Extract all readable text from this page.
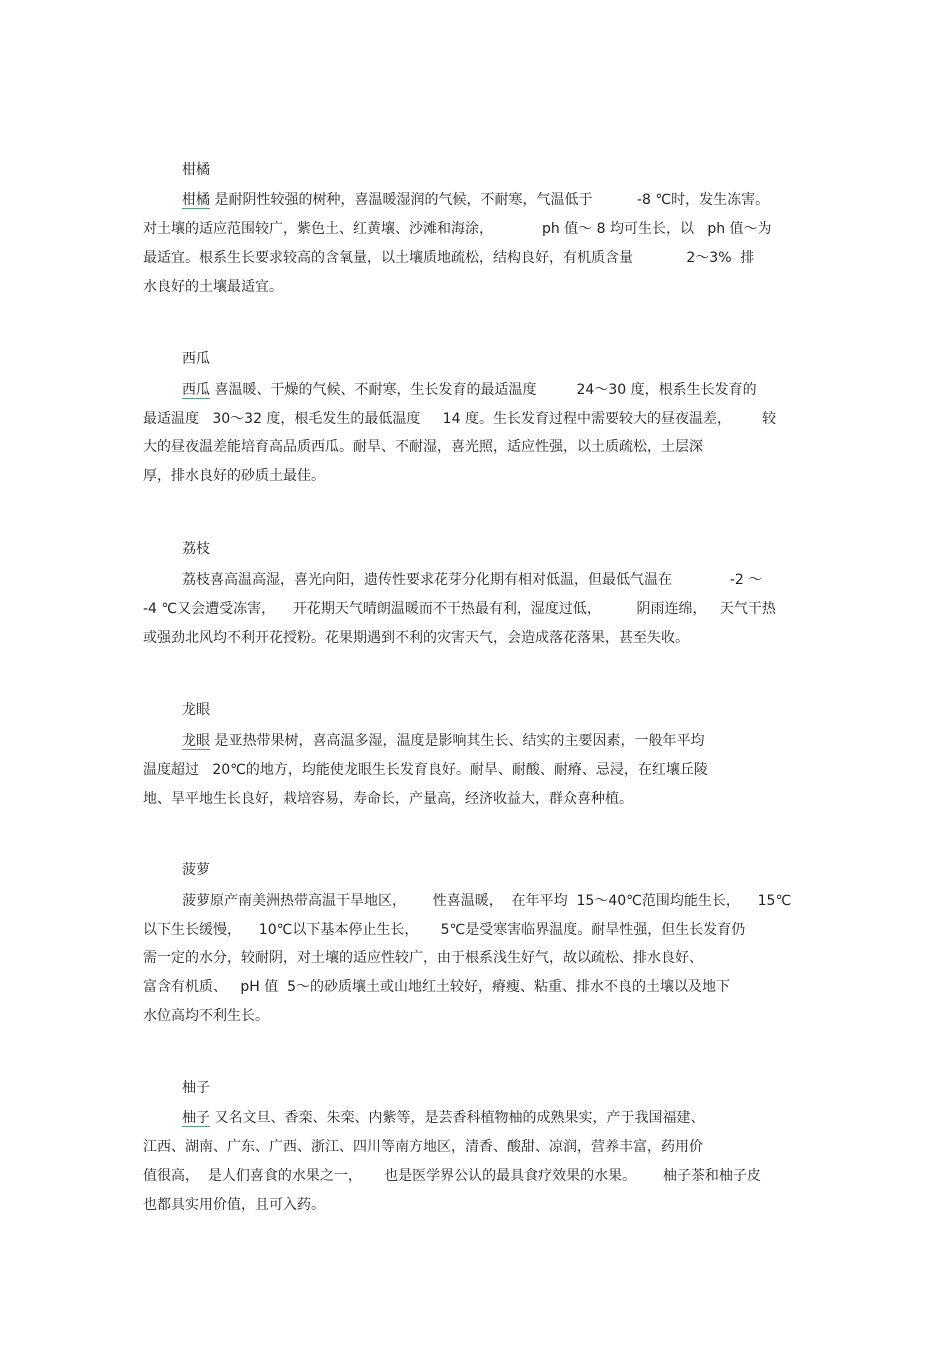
柑橘

柑橘 是耐阴性较强的树种，喜温暖湿润的气候，不耐寒，气温低于          -8 ℃时，发生冻害。

对土壤的适应范围较广，紫色土、红黄壤、沙滩和海涂，           ph 值～ 8 均可生长，以   ph 值～为

最适宜。根系生长要求较高的含氧量，以土壤质地疏松，结构良好，有机质含量            2～3%  排

水良好的土壤最适宜。

西瓜

西瓜 喜温暖、干燥的气候、不耐寒，生长发育的最适温度         24～30 度，根系生长发育的

最适温度   30～32 度，根毛发生的最低温度     14 度。生长发育过程中需要较大的昼夜温差，       较

大的昼夜温差能培育高品质西瓜。耐旱、不耐湿，喜光照，适应性强，以土质疏松，土层深

厚，排水良好的砂质土最佳。

荔枝

荔枝喜高温高湿，喜光向阳，遗传性要求花芽分化期有相对低温，但最低气温在             -2 ～

-4 ℃又会遭受冻害，    开花期天气晴朗温暖而不干热最有利，湿度过低，        阴雨连绵，   天气干热

或强劲北风均不利开花授粉。花果期遇到不利的灾害天气，会造成落花落果，甚至失收。

龙眼

龙眼 是亚热带果树，喜高温多湿，温度是影响其生长、结实的主要因素，一般年平均

温度超过   20℃的地方，均能使龙眼生长发育良好。耐旱、耐酸、耐瘠、忌浸，在红壤丘陵

地、旱平地生长良好，栽培容易，寿命长，产量高，经济收益大，群众喜种植。

菠萝

菠萝原产南美洲热带高温干旱地区，      性喜温暖，  在年平均  15～40℃范围均能生长，    15℃

以下生长缓慢，    10℃以下基本停止生长，     5℃是受寒害临界温度。耐旱性强，但生长发育仍

需一定的水分，较耐阴，对土壤的适应性较广，由于根系浅生好气，故以疏松、排水良好、

富含有机质、   pH 值  5～的砂质壤土或山地红土较好，瘠瘦、粘重、排水不良的土壤以及地下

水位高均不利生长。

柚子

柚子 又名文旦、香栾、朱栾、内紫等，是芸香科植物柚的成熟果实，产于我国福建、

江西、湖南、广东、广西、浙江、四川等南方地区，清香、酸甜、凉润，营养丰富，药用价

值很高，  是人们喜食的水果之一，     也是医学界公认的最具食疗效果的水果。      柚子茶和柚子皮

也都具实用价值，且可入药。
